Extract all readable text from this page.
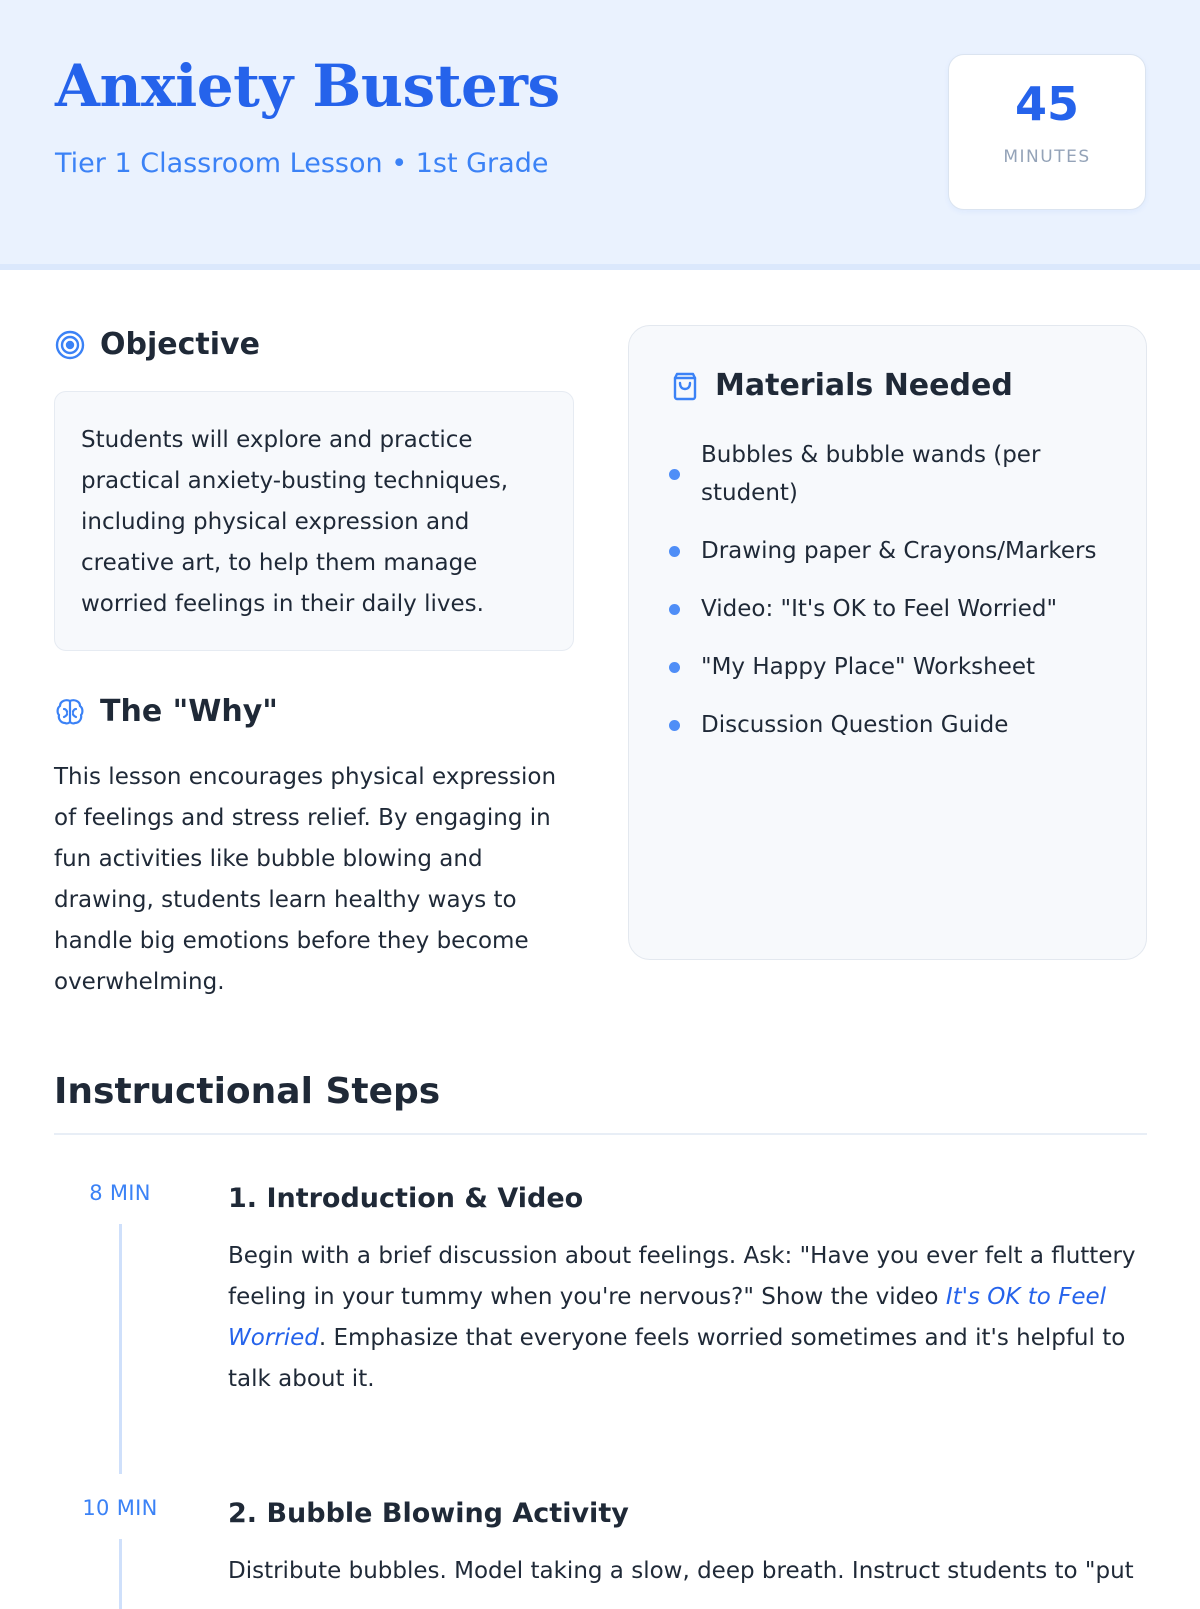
Anxiety Busters
Tier 1 Classroom Lesson • 1st Grade
45
MINUTES
Objective
Students will explore and practice practical anxiety-busting techniques, including physical expression and creative art, to help them manage worried feelings in their daily lives.
The "Why"
This lesson encourages physical expression of feelings and stress relief. By engaging in fun activities like bubble blowing and drawing, students learn healthy ways to handle big emotions before they become overwhelming.
Materials Needed
Bubbles & bubble wands (per student)
Drawing paper & Crayons/Markers
Video: "It's OK to Feel Worried"
"My Happy Place" Worksheet
Discussion Question Guide
Instructional Steps
8 MIN	1. Introduction & Video
Begin with a brief discussion about feelings. Ask: "Have you ever felt a fluttery feeling in your tummy when you're nervous?" Show the video It's OK to Feel Worried. Emphasize that everyone feels worried sometimes and it's helpful to talk about it.
10 MIN	2. Bubble Blowing Activity
Distribute bubbles. Model taking a slow, deep breath. Instruct students to "put
